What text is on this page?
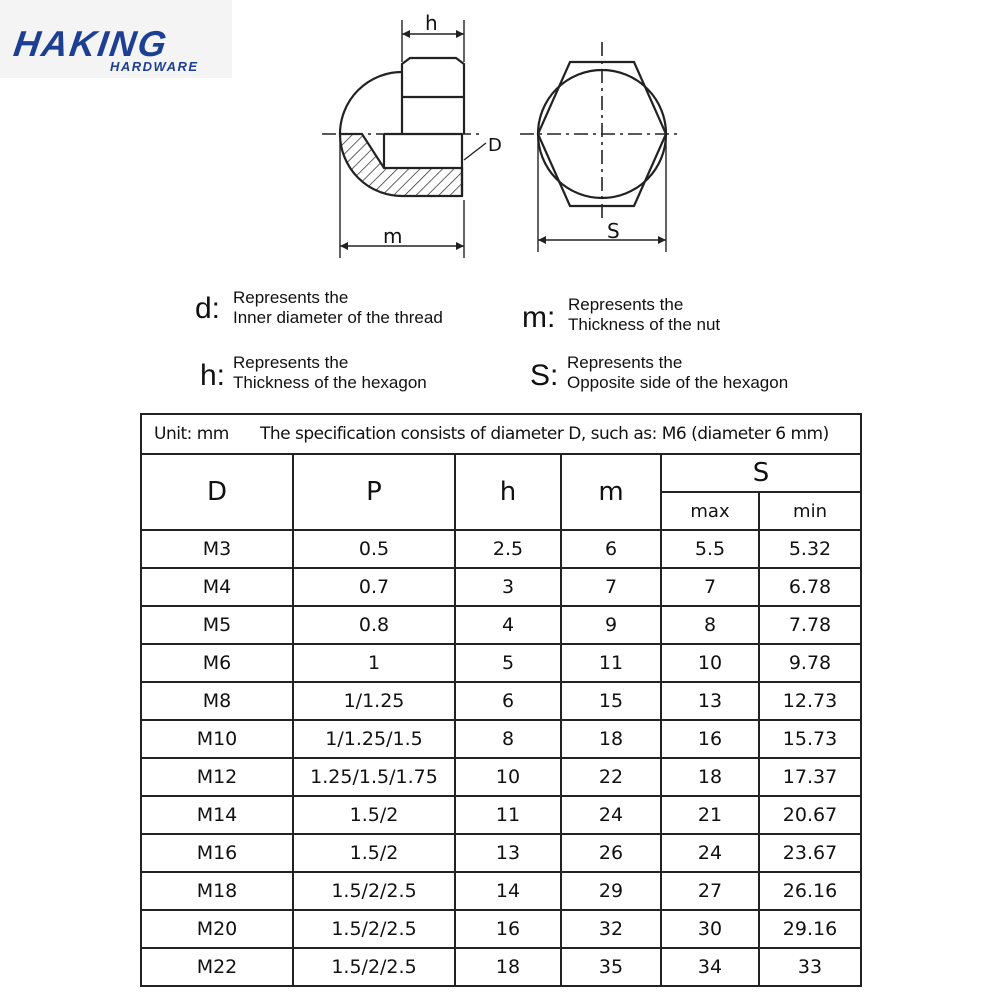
HAKING
HARDWARE
h
D
m	S
d: Represents the
Inner diameter of the thread	m: Represents the
Thickness of the nut
h: Represents the
Thickness of the hexagon	S: Represents the
Opposite side of the hexagon
Unit: mm The specification consists of diameter D, such as: M6 (diameter 6 mm)					
D	P	h	m	S	
				max	min
M3	0.5	2.5	6	5.5	5.32
M4	0.7	3	7	7	6.78
M5	0.8	4	9	8	7.78
M6	1	5	11	10	9.78
M8	1/1.25	6	15	13	12.73
M10	1/1.25/1.5	8	18	16	15.73
M12	1.25/1.5/1.75	10	22	18	17.37
M14	1.5/2	11	24	21	20.67
M16	1.5/2	13	26	24	23.67
M18	1.5/2/2.5	14	29	27	26.16
M20	1.5/2/2.5	16	32	30	29.16
M22	1.5/2/2.5	18	35	34	33
